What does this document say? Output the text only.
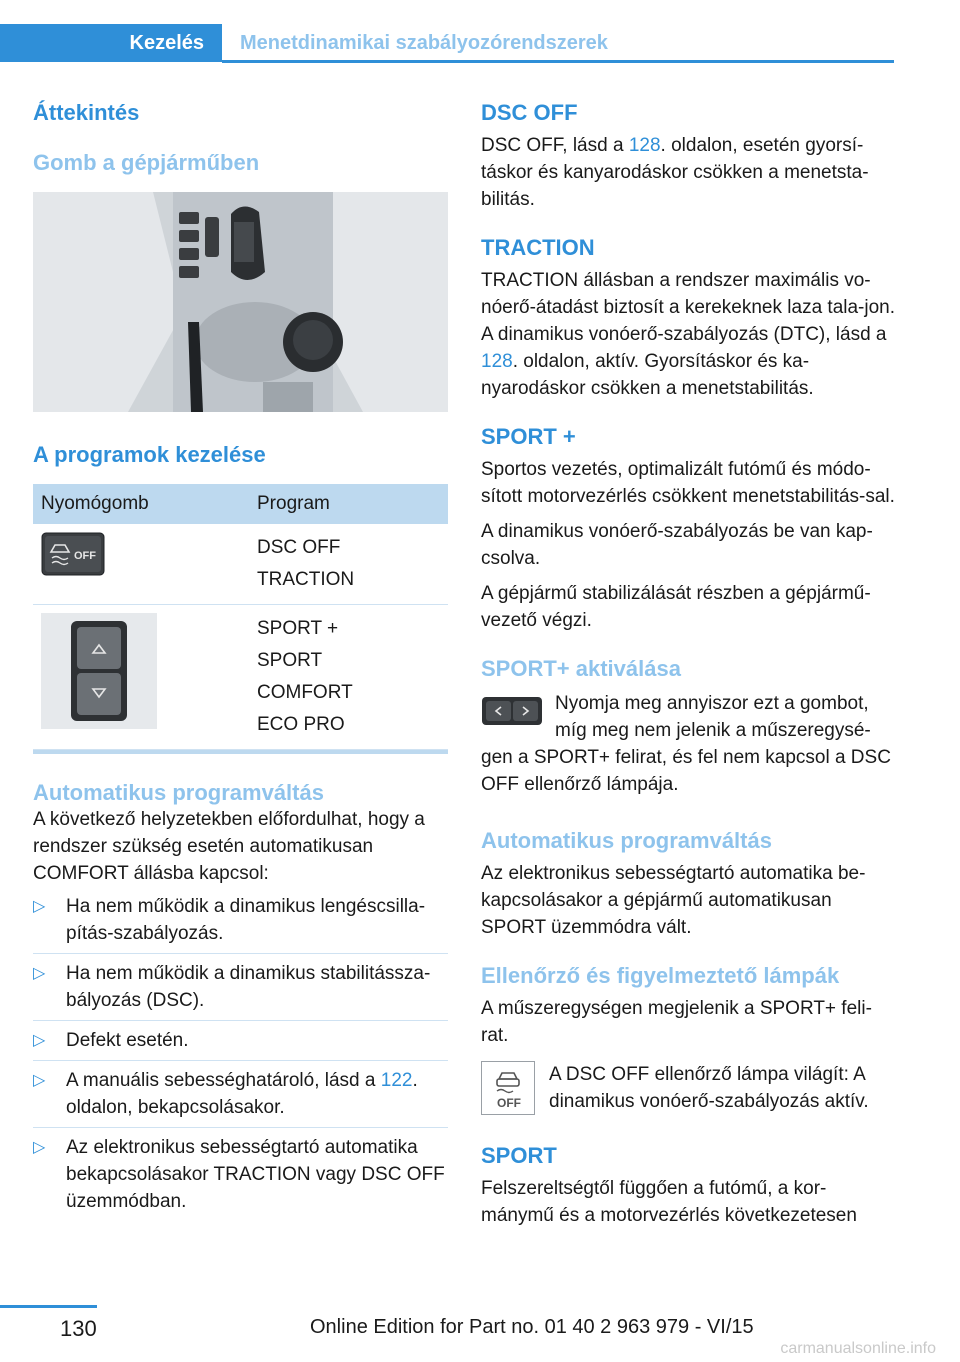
Kezelés Menetdinamikai szabályozórendszerek
Áttekintés
Gomb a gépjárműben
A programok kezelése
Nyomógomb	Program

OFF	DSC OFF
TRACTION

SPORT +
SPORT
COMFORT
ECO PRO
Automatikus programváltás

A következő helyzetekben előfordulhat, hogy a rendszer szükség esetén automatikusan COMFORT állásba kapcsol:

▷ Ha nem működik a dinamikus lengéscsilla-pítás-szabályozás.
▷ Ha nem működik a dinamikus stabilitássza-bályozás (DSC).
▷ Defekt esetén.
▷ A manuális sebességhatároló, lásd a 122. oldalon, bekapcsolásakor.
▷ Az elektronikus sebességtartó automatika bekapcsolásakor TRACTION vagy DSC OFF üzemmódban.
DSC OFF

DSC OFF, lásd a 128. oldalon, esetén gyorsí-táskor és kanyarodáskor csökken a menetsta-bilitás.

TRACTION

TRACTION állásban a rendszer maximális vo-nóerő-átadást biztosít a kerekeknek laza tala-jon. A dinamikus vonóerő-szabályozás (DTC), lásd a 128. oldalon, aktív. Gyorsításkor és ka-nyarodáskor csökken a menetstabilitás.

SPORT +

Sportos vezetés, optimalizált futómű és módo-sított motorvezérlés csökkent menetstabilitás-sal.

A dinamikus vonóerő-szabályozás be van kap-csolva.

A gépjármű stabilizálását részben a gépjármű-vezető végzi.

SPORT+ aktiválása

Nyomja meg annyiszor ezt a gombot, míg meg nem jelenik a műszeregysé-

gen a SPORT+ felirat, és fel nem kapcsol a DSC OFF ellenőrző lámpája.

Automatikus programváltás

Az elektronikus sebességtartó automatika be-kapcsolásakor a gépjármű automatikusan SPORT üzemmódra vált.

Ellenőrző és figyelmeztető lámpák

A műszeregységen megjelenik a SPORT+ feli-rat.

OFF

A DSC OFF ellenőrző lámpa világít: A dinamikus vonóerő-szabályozás aktív.

SPORT

Felszereltségtől függően a futómű, a kor-mánymű és a motorvezérlés következetesen

130	Online Edition for Part no. 01 40 2 963 979 - VI/15
carmanualsonline.info
